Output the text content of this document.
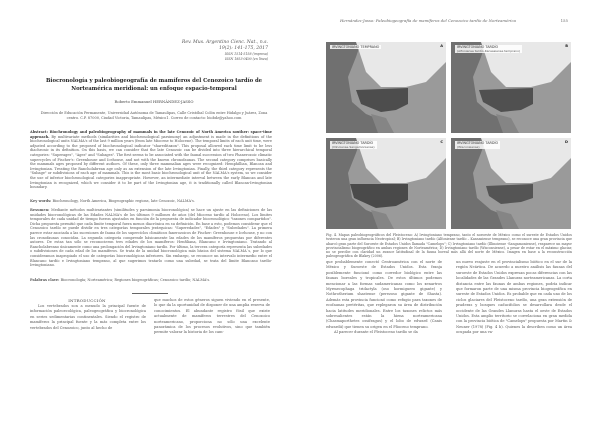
Rev. Mus. Argentino Cienc. Nat., n.s.
19(2): 141-175, 2017
ISSN 1514-5158 (impresa)
ISSN 1853-0400 (en línea)
Biocronología y paleobiogeografía de mamíferos del Cenozoico tardío de Norteamérica meridional: un enfoque espacio-temporal
Roberto Emmanuel HERNÁNDEZ-JASSO
Dirección de Educación Permanente, Universidad Autónoma de Tamaulipas, Calle Cristóbal Colón entre Hidalgo y Juárez, Zona centro. C.P. 87000, Ciudad Victoria, Tamaulipas, México1. Correo de contacto: biobdz@yahoo.com
Abstract: Biochronology and paleobiogeography of mammals in the late Cenozoic of North America souther: space-time approach. By multivariate methods (similarities and biochronological parsimony) an adjustment is made in the definitions of the biochronological units NALMA's of the last 9 million years (from late Miocene to Holocene). The temporal limits of each unit time, were adjusted according to the proposed of biochronological indicator "shareditaxon". This proposal allowed each time limit to be less diachronic in its definition. On this basis, we can consider that the late Cenozoic can be divided into three hierarchical temporal categories: "Superages", "Ages" and "Subages". The first seems to be associated with the faunal succession of two Phanerozoic climatic supercycles of Fischer's: Greenhouse and Icehouse, and not with the known chronofaunas. The second category comprises basically the mammals ages proposed by different authors. Of these, only three mammalian ages were recognized: Hemphillian, Blancan and Irvingtonian. Treating the Rancholabrean age only as an extension of the late Irvingtonian. Finally, the third category represents the "Subage" or subdivisions of each age of mammals. This is the most basic biochronological unit of the NALMA's system, so we consider the use of inferior biochronological categories inappropriate. However, an intermediate interval between the early Blancan and late Irvingtonian is recognized, which we consider it to be part of the Irvingtonian age, it is traditionally called Blancan-Irvingtonian boundary.
Key words: Biochronology, North America, Biogeographic regions, late Cenozoic, NALMA's.
Resumen: Mediante métodos multivariantes (similitudes y parsimonia biocronológica) se hace un ajuste en las definiciones de las unidades biocronológicas de las Edades NALMA's de los últimos 9 millones de años (del Mioceno tardío al Holoceno). Los límites temporales de cada unidad de tiempo fueron ajustados en función de la propuesta de indicador biocronológico "taxones compartidos". Dicha propuesta permitió que cada límite temporal fuera menos diacrónica en su definición. En base a esto, podemos considerar que el Cenozoico tardío se puede dividir en tres categorías temporales jerárquicas: "Superedades", "Edades" y "Subedades". La primera parece estar asociada a las sucesiones de fauna de los supercíclos climáticos fanerozoicos de Fischer: Greenhouse e Icehouse, y no con las cronofaunas conocidas. La segunda categoría comprende básicamente las edades de los mamíferos propuestas por diferentes autores. De estas tan sólo se reconocieron tres edades de los mamíferos: Henfiliana, Blancano e Irvingtoniano. Tratando al Rancholabreano únicamente como una prolongación del Irvingtoniano tardío. Por último, la tercera categoría representa las subedades o subdivisiones de cada edad de los mamíferos. Se trata de la unidad biocronológica más básica del sistema NALMA´s, por lo que consideramos inapropiado el uso de categorías biocronológicas inferiores. Sin embargo, se reconoce un intervalo intermedio entre el Blancano tardío e Irvingtoniano temprano, al que sugerimos tratarlo como una subedad, se trata del límite Blancano tardío-Irvingtoniano.
Palabras clave: Biocronología; Norteamérica; Regiones biogeográficas; Cenozoico tardío; NALMA's.
INTRODUCCIÓN
Los vertebrados son a menudo la principal fuente de información paleoecológica, paleogeográfica y biocronológica en series sedimentarias continentales. Siendo el registro de mamíferos la principal fuente y la más completa entre los vertebrados del Cenozoico, junto al hecho de
que muchos de estos géneros siguen viviendo en el presente, lo que da la oportunidad de disponer de una amplia reserva de conocimientos. El abundante registro fósil que existe actualmente de mamíferos terrestres del Cenozoico norteamericano, proporciona no sólo una excelente panorámica de los procesos evolutivos, sino que también permite valorar la historia de los cam-
Hernández-Jasso: Paleobiogeografía de mamíferos del Cenozoico tardío de Norteamérica	155
IRVINGTONIANO TEMPRANO	A	IRVINGTONIANO TARDÍO
(Alfoniense tardío-Kansasiense temprano)
B
IRVINGTONIANO TARDÍO
(Illinoiense-Sangamoniense)
C	IRVINGTONIANO TARDÍO
(Wisconsiense)
D
Fig. 4. Mapas paleobiogeográficos del Pleistoceno: A) Irvingtoniano temprano, tanto el noroeste de México como el sureste de Estados Unidos tuvieron una gran influencia Neotropical; B) Irvingtoniano tardío (Alfoniense tardío – Kansasiense temprano), se reconoce una gran provincia que abarcó gran parte del Suroeste de Estados Unidos llamada "Camelops"; C) Irvingtoniano tardío (Illinoiense -Sangamoniense), reaparece un mayor provincialismo biogeográfico en ambas regiones de Norteamérica; D) Irvingtoniano tardío (Wisconsiense), a pesar de estar en el máximo glaciar, no se percibe con claridad un avance latitudinal de la fauna boreal más allá del norte de México. Imagen en base a la reconstrucción paleogeográfica de Blakey (2006).
que probablemente conectó Centroamérica con el norte de México y Suroeste de Estados Unidos. Esta franja posiblemente funcionó como corredor biológico entre las faunas boreales y tropicales. De estos últimos podemos mencionar a las formas sudamericanas como los xenartros Myrmecophaga tridactyla (oso hormiguero gigante) y Nothrotherium shastense (perezoso gigante de Shasta). Además esta provincia funcionó como refugio para taxones de ecofaunas pretéritas, que replegaron su área de distribución hacia latitudes meridionales. Entre los taxones relictos más sobresalientes están la hiena norteamericana (Chasmaporthetes ossifragus) y el lobo de edward (Canis edwardii) que tienen su origen en el Plioceno temprano.
Al parecer durante el Pleistoceno tardío se da
un nuevo reajuste en el provincialismo biótico en el sur de la región Neártica. De acuerdo a nuestro análisis las faunas del suroeste de Estados Unidos expresan pocas diferencias con las localidades de las Grandes Llanuras norteamericanas. La corta distancia entre las faunas de ambas regiones, podría indicar que formaron parte de una misma provincia biogeográfica en sureste de Estados Unidos. Es probable que en cada uno de los ciclos glaciares del Pleistoceno tardío, una gran extensión de praderas y bosques caducifolios se desarrollara desde el occidente de las Grandes Llanuras hasta el oeste de Estados Unidos. Esta amplio territorio se correlaciona en gran medida con la provincia biótica de "Camelops" propuesta por Martin & Neuner (1978) (Fig. 4 b). Quienes la describen como un área ocupada por una va-
